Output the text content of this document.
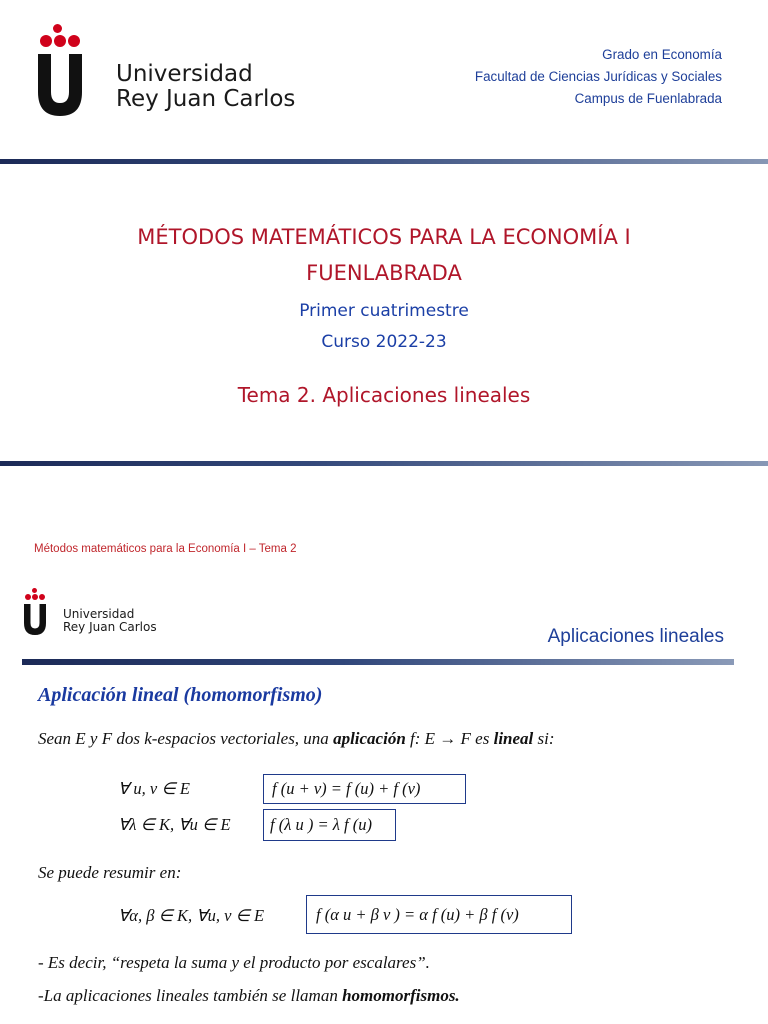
Universidad
Rey Juan Carlos
Grado en Economía
Facultad de Ciencias Jurídicas y Sociales
Campus de Fuenlabrada
MÉTODOS MATEMÁTICOS PARA LA ECONOMÍA I
FUENLABRADA
Primer cuatrimestre
Curso 2022-23
Tema 2. Aplicaciones lineales
Métodos matemáticos para la Economía I – Tema 2
Universidad
Rey Juan Carlos	Aplicaciones lineales
Aplicación lineal (homomorfismo)
Sean E y F dos k-espacios vectoriales, una aplicación f: E → F es lineal si:
∀ u, v ∈ E	f (u + v) = f (u) + f (v)
∀λ ∈ K, ∀u ∈ E f (λ u ) = λ f (u)
Se puede resumir en:
∀α, β ∈ K, ∀u, v ∈ E	f (α u + β v ) = α f (u) + β f (v)
- Es decir, “respeta la suma y el producto por escalares”.
-La aplicaciones lineales también se llaman homomorfismos.
